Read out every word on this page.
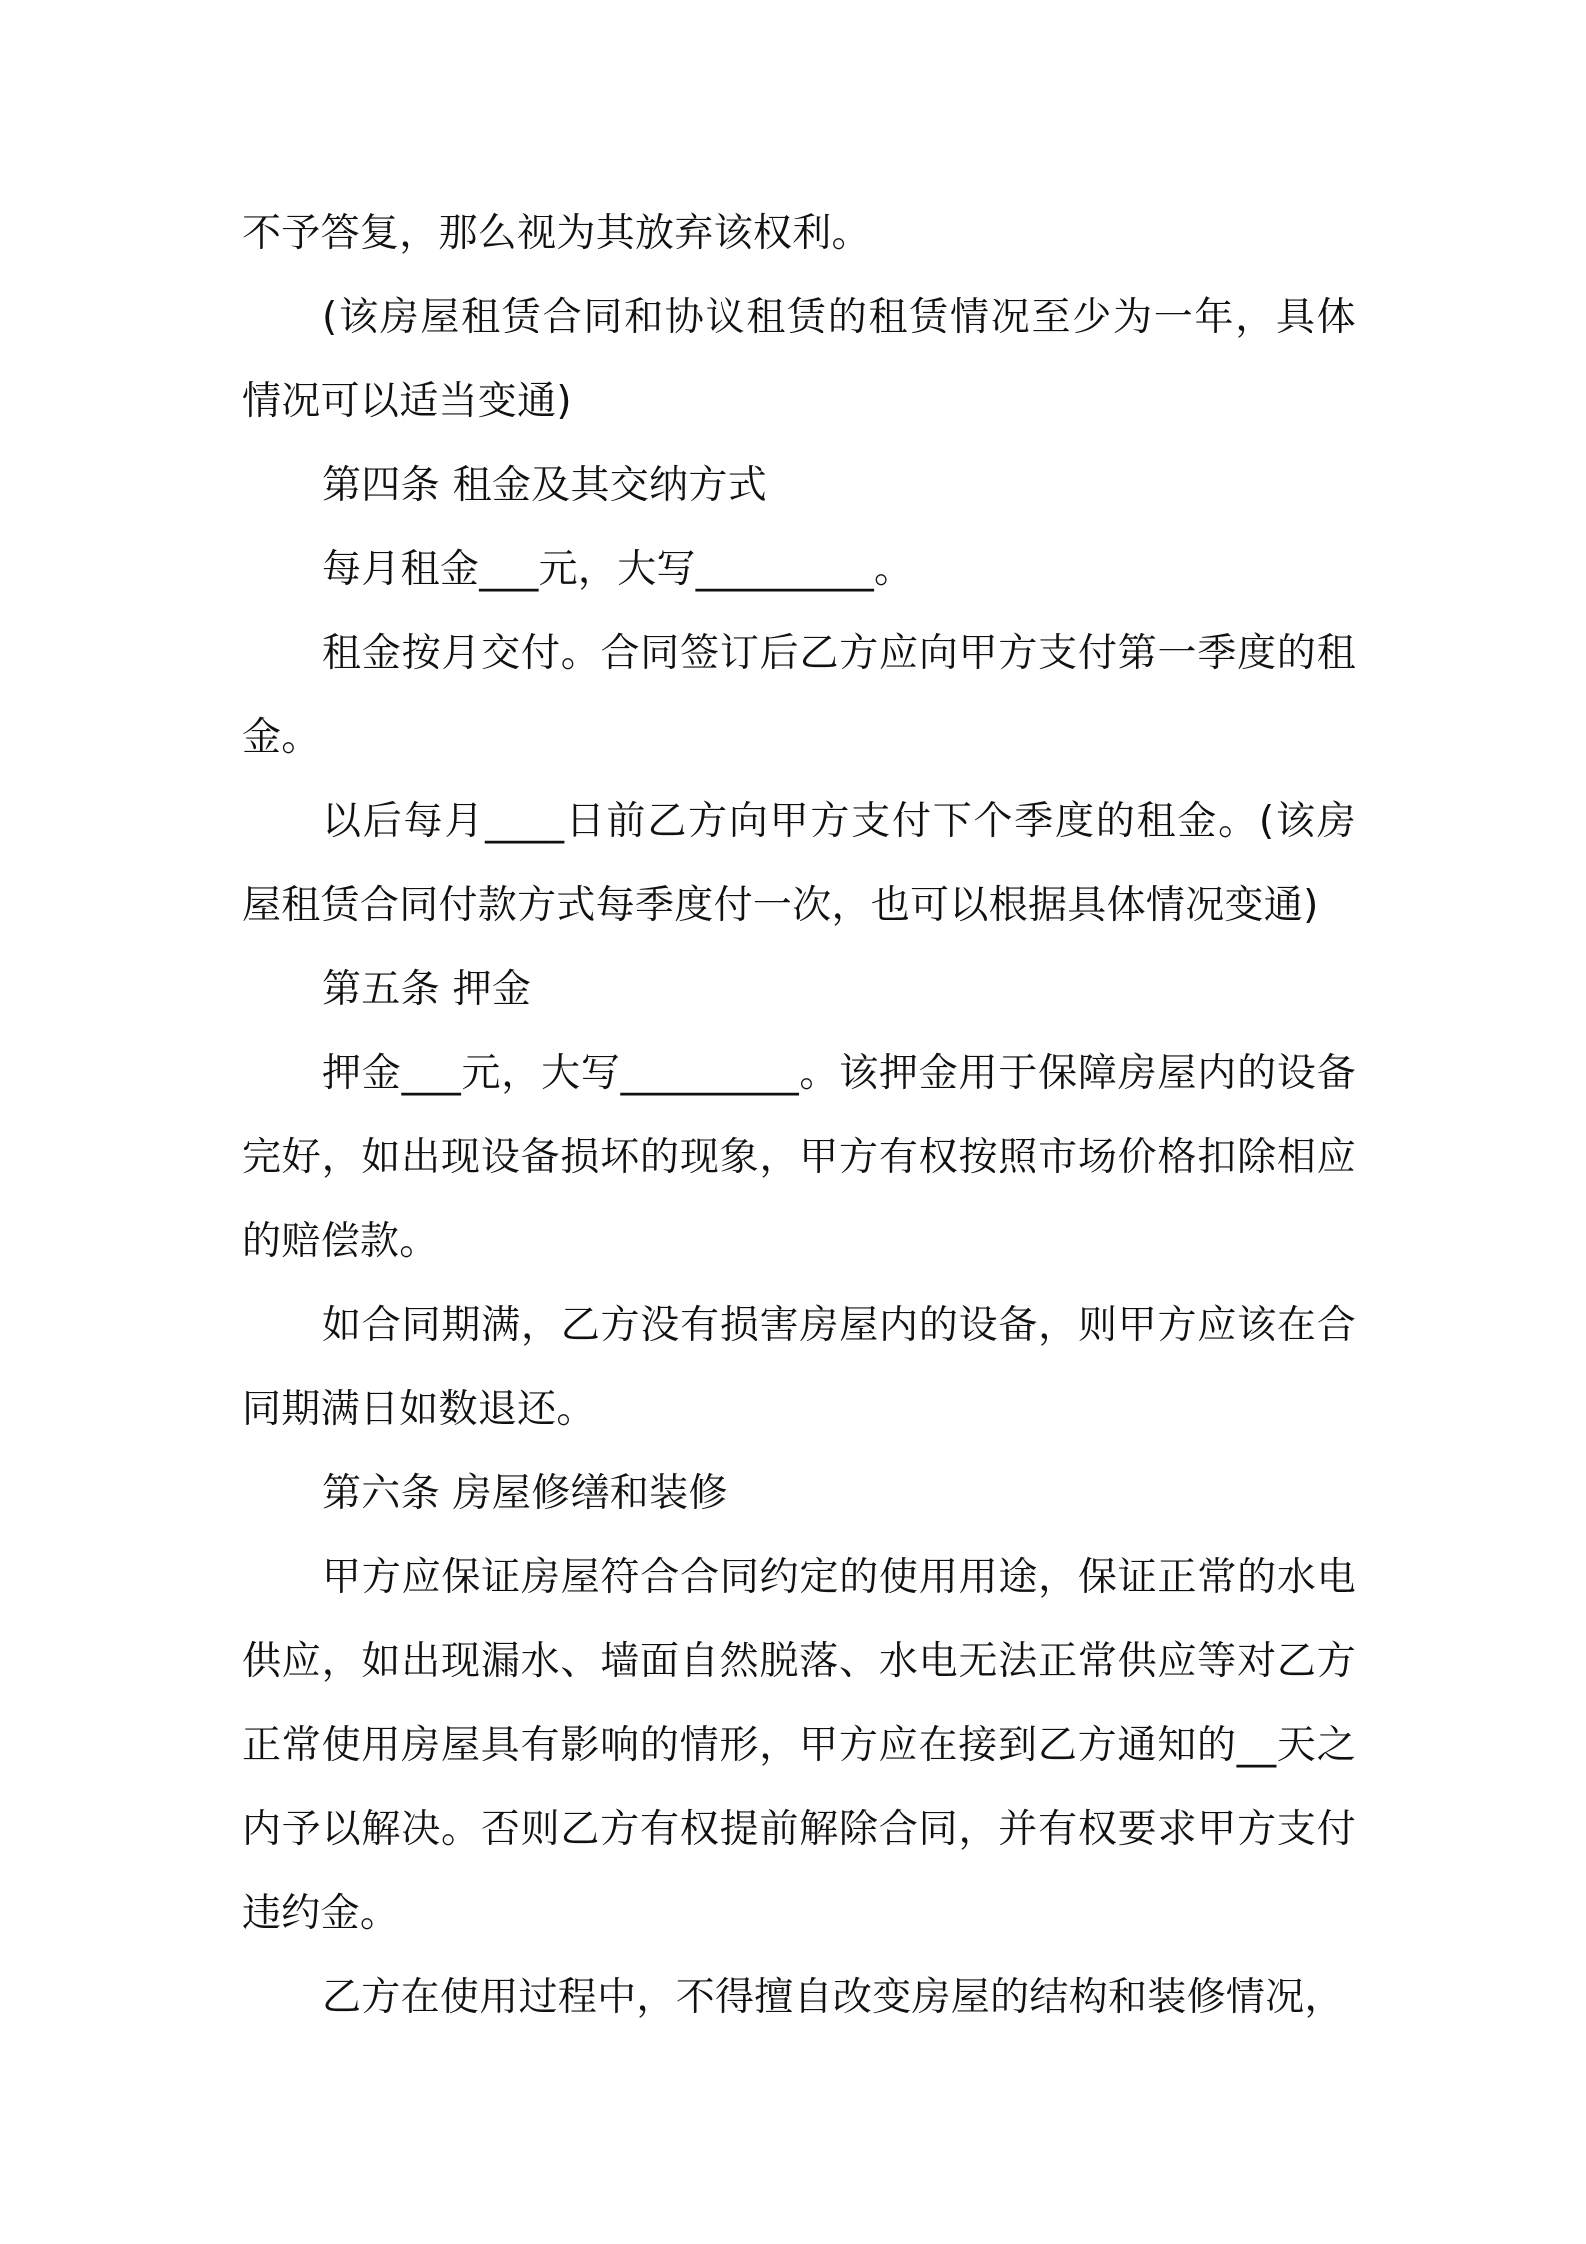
不予答复，那么视为其放弃该权利。

(该房屋租赁合同和协议租赁的租赁情况至少为一年，具体情况可以适当变通)

第四条 租金及其交纳方式

每月租金___元，大写_________。

租金按月交付。合同签订后乙方应向甲方支付第一季度的租金。

以后每月____日前乙方向甲方支付下个季度的租金。(该房屋租赁合同付款方式每季度付一次，也可以根据具体情况变通)

第五条 押金

押金___元，大写_________。该押金用于保障房屋内的设备完好，如出现设备损坏的现象，甲方有权按照市场价格扣除相应的赔偿款。

如合同期满，乙方没有损害房屋内的设备，则甲方应该在合同期满日如数退还。

第六条 房屋修缮和装修

甲方应保证房屋符合合同约定的使用用途，保证正常的水电供应，如出现漏水、墙面自然脱落、水电无法正常供应等对乙方正常使用房屋具有影响的情形，甲方应在接到乙方通知的__天之内予以解决。否则乙方有权提前解除合同，并有权要求甲方支付违约金。

乙方在使用过程中，不得擅自改变房屋的结构和装修情况，
